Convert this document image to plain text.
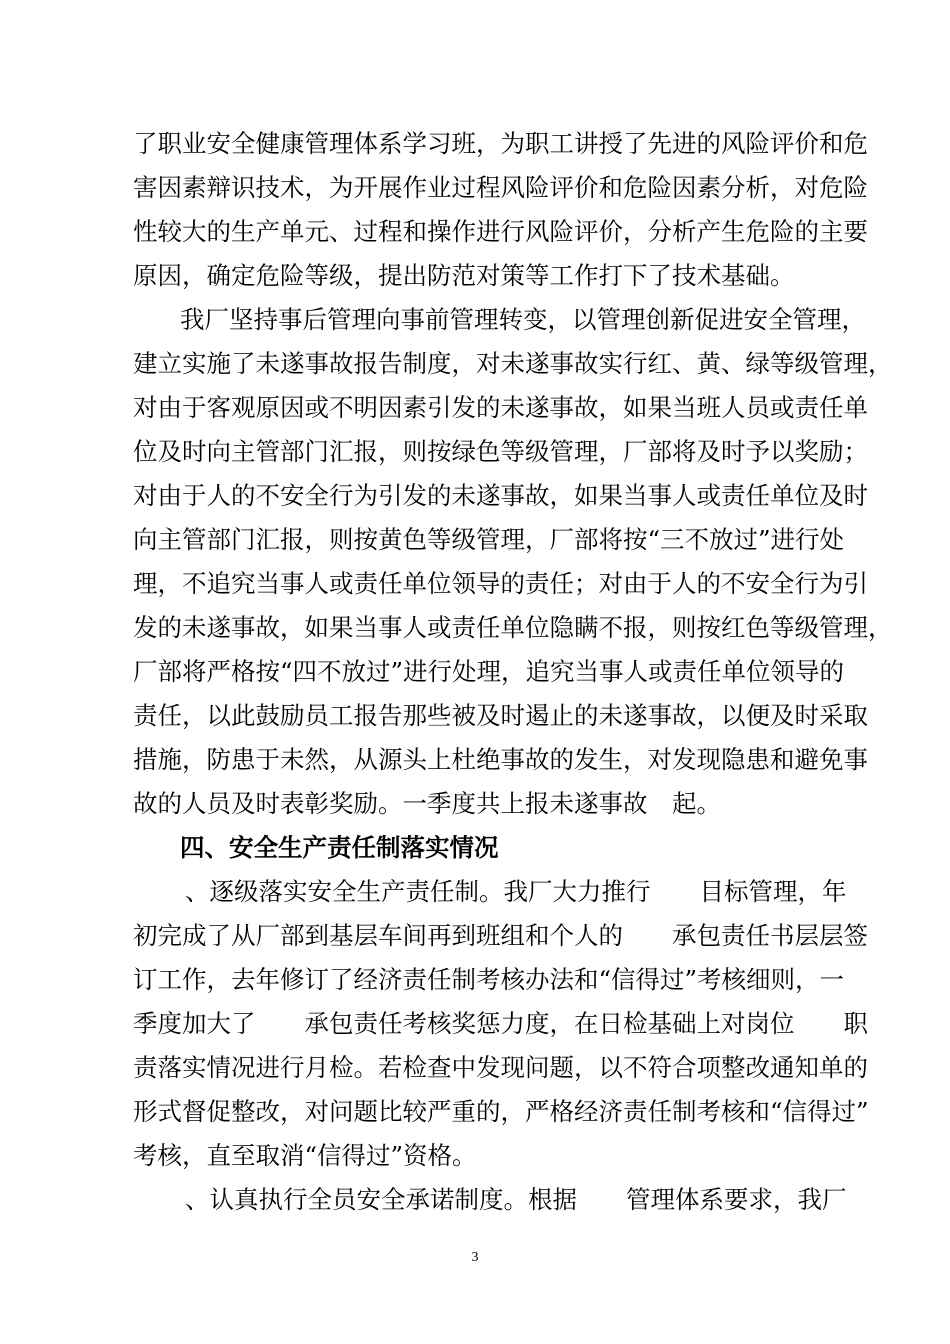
了职业安全健康管理体系学习班，为职工讲授了先进的风险评价和危
害因素辩识技术，为开展作业过程风险评价和危险因素分析，对危险
性较大的生产单元、过程和操作进行风险评价，分析产生危险的主要
原因，确定危险等级，提出防范对策等工作打下了技术基础。
我厂坚持事后管理向事前管理转变，以管理创新促进安全管理，
建立实施了未遂事故报告制度，对未遂事故实行红、黄、绿等级管理，
对由于客观原因或不明因素引发的未遂事故，如果当班人员或责任单
位及时向主管部门汇报，则按绿色等级管理，厂部将及时予以奖励；
对由于人的不安全行为引发的未遂事故，如果当事人或责任单位及时
向主管部门汇报，则按黄色等级管理，厂部将按“三不放过”进行处
理，不追究当事人或责任单位领导的责任；对由于人的不安全行为引
发的未遂事故，如果当事人或责任单位隐瞒不报，则按红色等级管理，
厂部将严格按“四不放过”进行处理，追究当事人或责任单位领导的
责任，以此鼓励员工报告那些被及时遏止的未遂事故，以便及时采取
措施，防患于未然，从源头上杜绝事故的发生，对发现隐患和避免事
故的人员及时表彰奖励。一季度共上报未遂事故　起。
四、安全生产责任制落实情况
、逐级落实安全生产责任制。我厂大力推行　　目标管理，年
初完成了从厂部到基层车间再到班组和个人的　　承包责任书层层签
订工作，去年修订了经济责任制考核办法和“信得过”考核细则，一
季度加大了　　承包责任考核奖惩力度，在日检基础上对岗位　　职
责落实情况进行月检。若检查中发现问题，以不符合项整改通知单的
形式督促整改，对问题比较严重的，严格经济责任制考核和“信得过”
考核，直至取消“信得过”资格。
、认真执行全员安全承诺制度。根据　　管理体系要求，我厂
3
